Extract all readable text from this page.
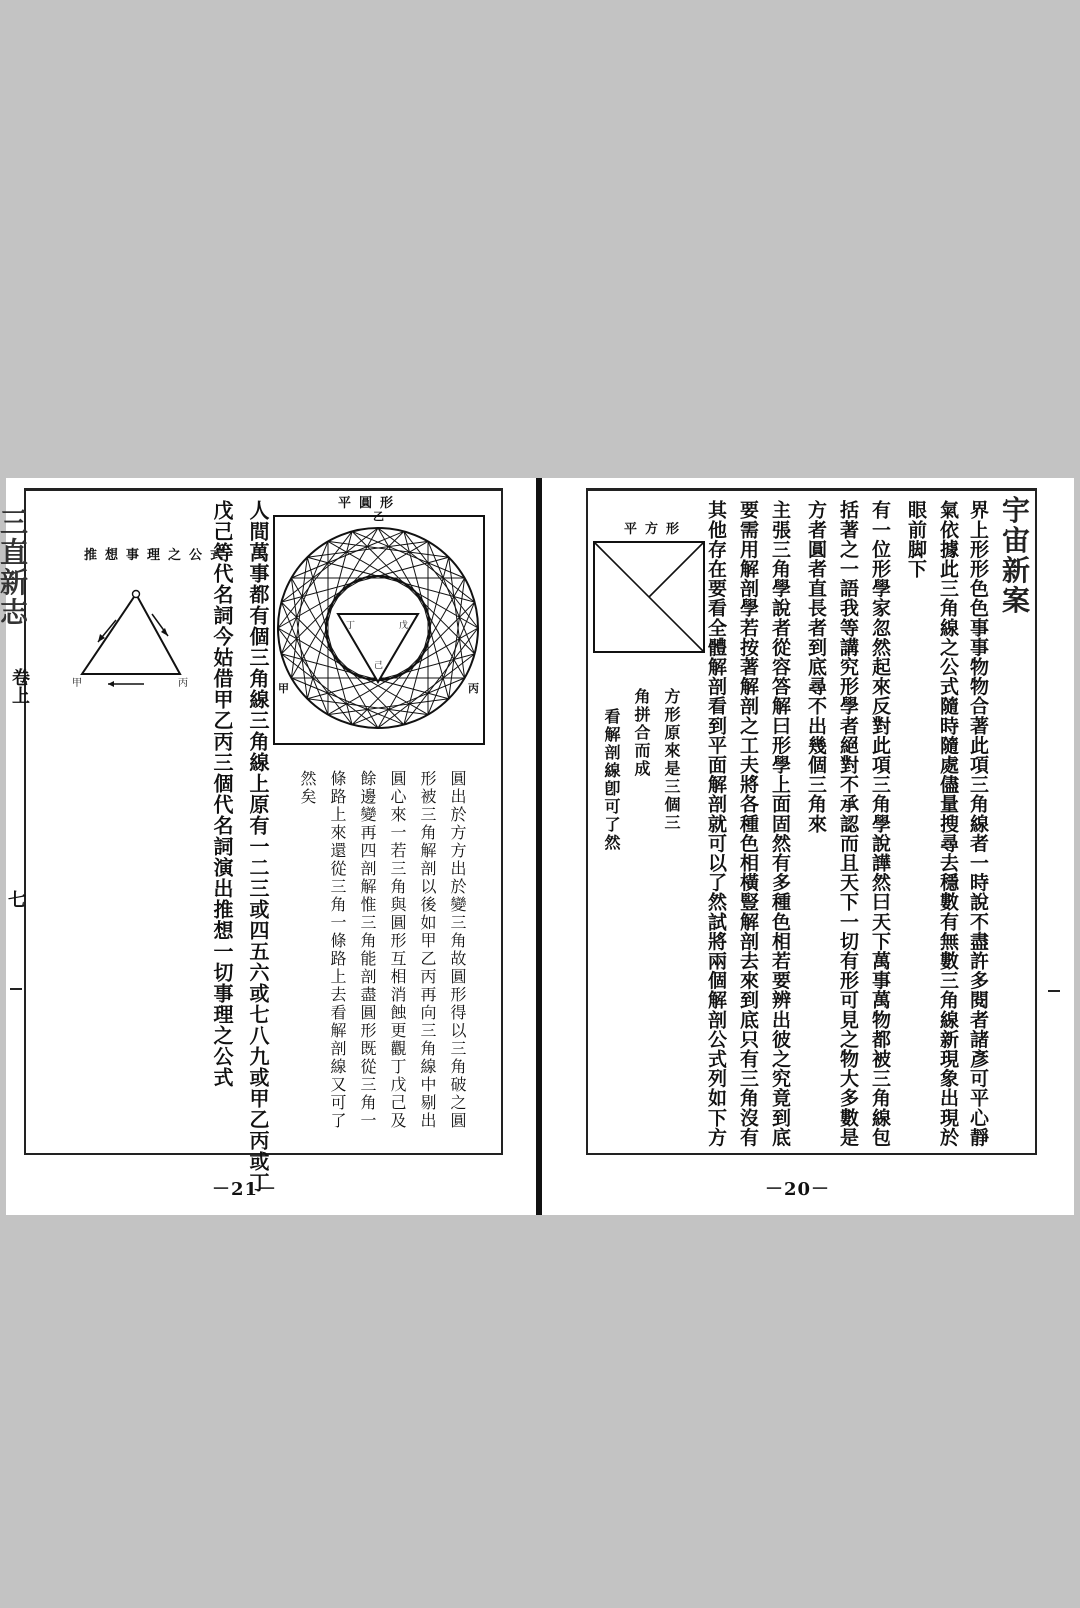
三
直
新
志
卷上
七
推想事理之公式
甲	丙
平圓形
乙
甲	丙
丁	戊
己
圓出於方方出於變三角故圓形得以三角破之圓
形被三角解剖以後如甲乙丙再向三角線中剔出
圓心來一若三角與圓形互相消蝕更觀丁戊己及
餘邊變再四剖解惟三角能剖盡圓形既從三角一
條路上來還從三角一條路上去看解剖線又可了
然矣
人間萬事都有個三角線三角線上原有一二三或四五六或七八九或甲乙丙或丁
戊己等代名詞今姑借甲乙丙三個代名詞演出推想一切事理之公式
－21－
平方形
方形原來是三個三
角拼合而成
看解剖線卽可了然	界上形形色色事事物物合著此項三角線者一時說不盡許多閱者諸彥可平心靜
氣依據此三角線之公式隨時隨處儘量搜尋去穩數有無數三角線新現象出現於
眼前脚下
有一位形學家忽然起來反對此項三角學說譁然曰天下萬事萬物都被三角線包
括著之一語我等講究形學者絕對不承認而且天下一切有形可見之物大多數是
方者圓者直長者到底尋不出幾個三角來
主張三角學說者從容答解曰形學上面固然有多種色相若要辨出彼之究竟到底
要需用解剖學若按著解剖之工夫將各種色相橫豎解剖去來到底只有三角沒有
其他存在要看全體解剖看到平面解剖就可以了然試將兩個解剖公式列如下方	宇
宙
新
案
－20－
